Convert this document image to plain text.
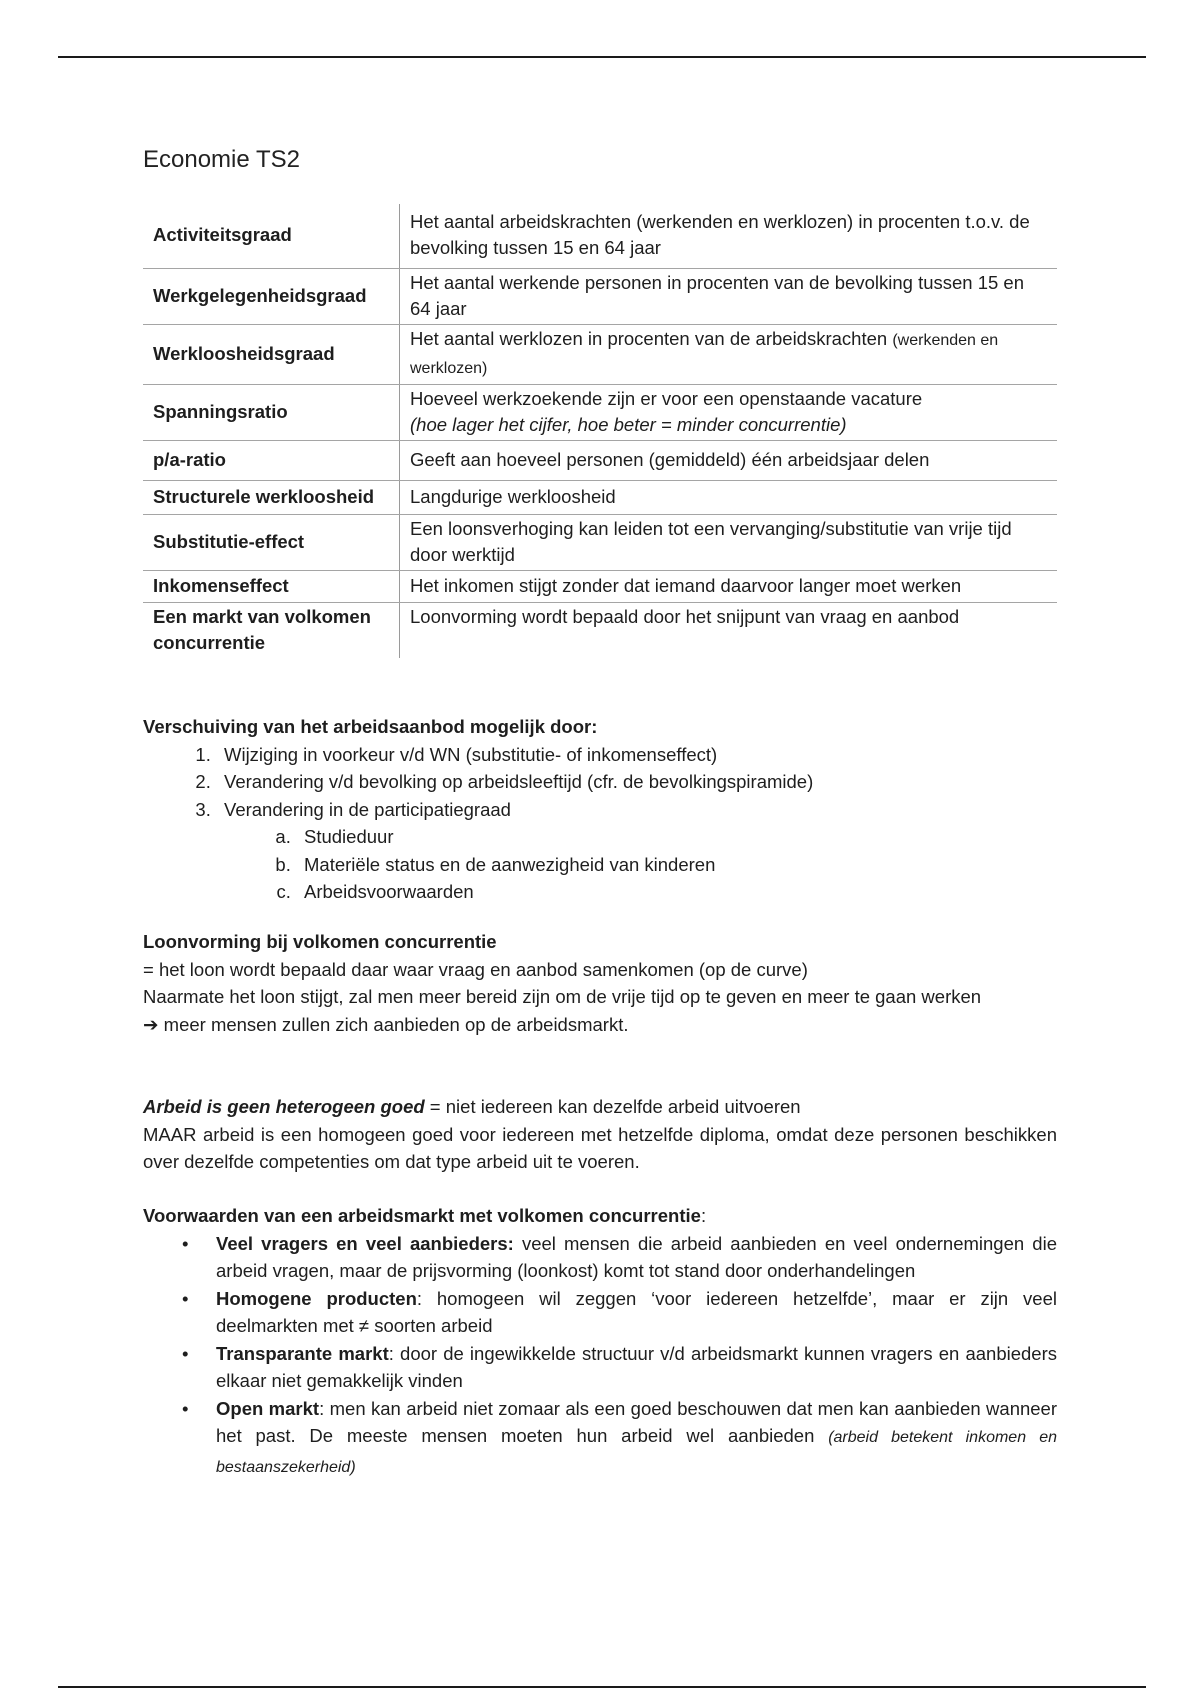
Economie TS2
Activiteitsgraad	Het aantal arbeidskrachten (werkenden en werklozen) in procenten t.o.v. de bevolking tussen 15 en 64 jaar
Werkgelegenheidsgraad	Het aantal werkende personen in procenten van de bevolking tussen 15 en 64 jaar
Werkloosheidsgraad	Het aantal werklozen in procenten van de arbeidskrachten (werkenden en werklozen)
Spanningsratio	Hoeveel werkzoekende zijn er voor een openstaande vacature
(hoe lager het cijfer, hoe beter = minder concurrentie)
p/a-ratio	Geeft aan hoeveel personen (gemiddeld) één arbeidsjaar delen
Structurele werkloosheid	Langdurige werkloosheid
Substitutie-effect	Een loonsverhoging kan leiden tot een vervanging/substitutie van vrije tijd door werktijd
Inkomenseffect	Het inkomen stijgt zonder dat iemand daarvoor langer moet werken
Een markt van volkomen concurrentie	Loonvorming wordt bepaald door het snijpunt van vraag en aanbod

Verschuiving van het arbeidsaanbod mogelijk door:

1. Wijziging in voorkeur v/d WN (substitutie- of inkomenseffect)
2. Verandering v/d bevolking op arbeidsleeftijd (cfr. de bevolkingspiramide)
3. Verandering in de participatiegraad
a. Studieduur
b. Materiële status en de aanwezigheid van kinderen
c. Arbeidsvoorwaarden

Loonvorming bij volkomen concurrentie

= het loon wordt bepaald daar waar vraag en aanbod samenkomen (op de curve)

Naarmate het loon stijgt, zal men meer bereid zijn om de vrije tijd op te geven en meer te gaan werken

➔ meer mensen zullen zich aanbieden op de arbeidsmarkt.

Arbeid is geen heterogeen goed = niet iedereen kan dezelfde arbeid uitvoeren

MAAR arbeid is een homogeen goed voor iedereen met hetzelfde diploma, omdat deze personen beschikken over dezelfde competenties om dat type arbeid uit te voeren.

Voorwaarden van een arbeidsmarkt met volkomen concurrentie:

• Veel vragers en veel aanbieders: veel mensen die arbeid aanbieden en veel ondernemingen die arbeid vragen, maar de prijsvorming (loonkost) komt tot stand door onderhandelingen
• Homogene producten: homogeen wil zeggen ‘voor iedereen hetzelfde’, maar er zijn veel deelmarkten met ≠ soorten arbeid
• Transparante markt: door de ingewikkelde structuur v/d arbeidsmarkt kunnen vragers en aanbieders elkaar niet gemakkelijk vinden
• Open markt: men kan arbeid niet zomaar als een goed beschouwen dat men kan aanbieden wanneer het past. De meeste mensen moeten hun arbeid wel aanbieden (arbeid betekent inkomen en bestaanszekerheid)
